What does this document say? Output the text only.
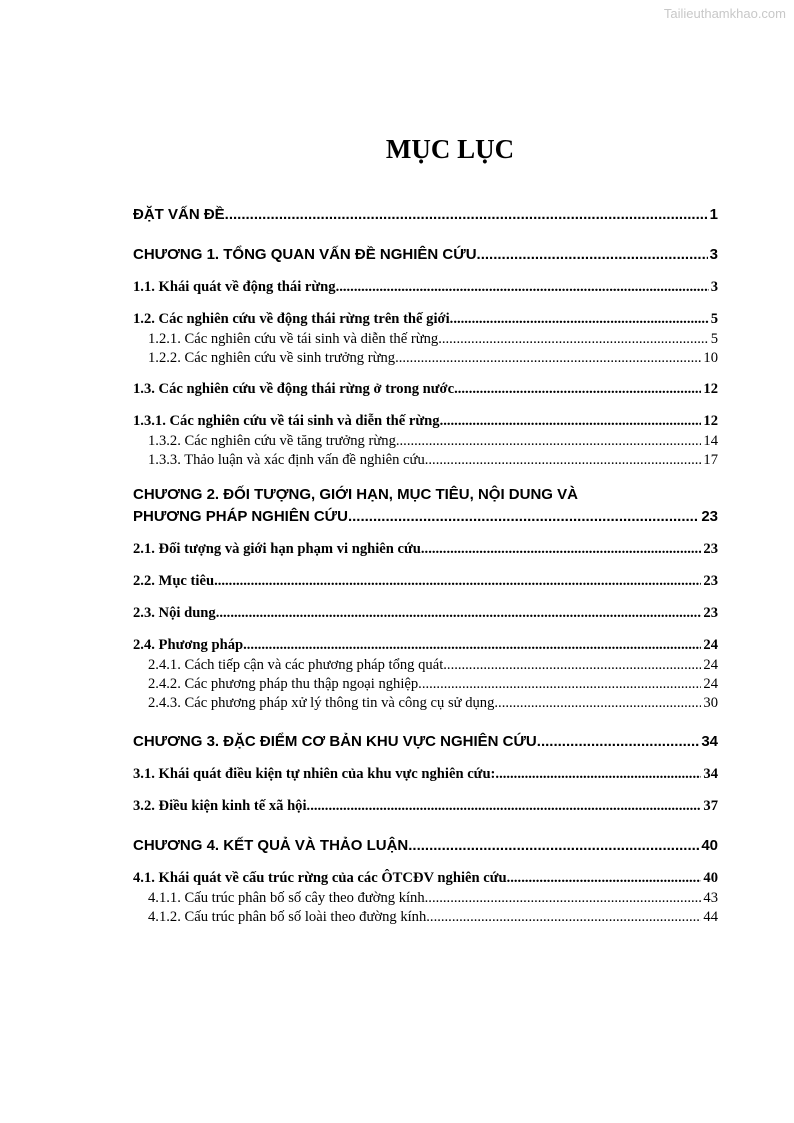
Tailieuthamkhao.com
MỤC LỤC
ĐẶT VẤN ĐỀ .....	1
CHƯƠNG 1. TỔNG QUAN VẤN ĐỀ NGHIÊN CỨU .....	3
1.1. Khái quát về động thái rừng .....	3
1.2. Các nghiên cứu về động thái rừng trên thế giới .....	5
1.2.1. Các nghiên cứu về tái sinh và diễn thế rừng .....	5
1.2.2. Các nghiên cứu về sinh trưởng rừng .....	10
1.3. Các nghiên cứu về động thái rừng ở trong nước .....	12
1.3.1. Các nghiên cứu về tái sinh và diễn thế rừng .....	12
1.3.2. Các nghiên cứu về tăng trưởng rừng .....	14
1.3.3. Thảo luận và xác định vấn đề nghiên cứu .....	17
CHƯƠNG 2. ĐỐI TƯỢNG, GIỚI HẠN, MỤC TIÊU, NỘI DUNG VÀ
PHƯƠNG PHÁP NGHIÊN CỨU .....	23
2.1. Đối tượng và giới hạn phạm vi nghiên cứu .....	23
2.2. Mục tiêu .....	23
2.3. Nội dung .....	23
2.4. Phương pháp .....	24
2.4.1. Cách tiếp cận và các phương pháp tổng quát .....	24
2.4.2. Các phương pháp thu thập ngoại nghiệp .....	24
2.4.3. Các phương pháp xử lý thông tin và công cụ sử dụng .....	30
CHƯƠNG 3. ĐẶC ĐIỂM CƠ BẢN KHU VỰC NGHIÊN CỨU .....	34
3.1. Khái quát điều kiện tự nhiên của khu vực nghiên cứu: .....	34
3.2. Điều kiện kinh tế xã hội .....	37
CHƯƠNG 4. KẾT QUẢ VÀ THẢO LUẬN .....	40
4.1. Khái quát về cấu trúc rừng của các ÔTCĐV nghiên cứu .....	40
4.1.1. Cấu trúc phân bố số cây theo đường kính .....	43
4.1.2. Cấu trúc phân bố số loài theo đường kính .....	44
